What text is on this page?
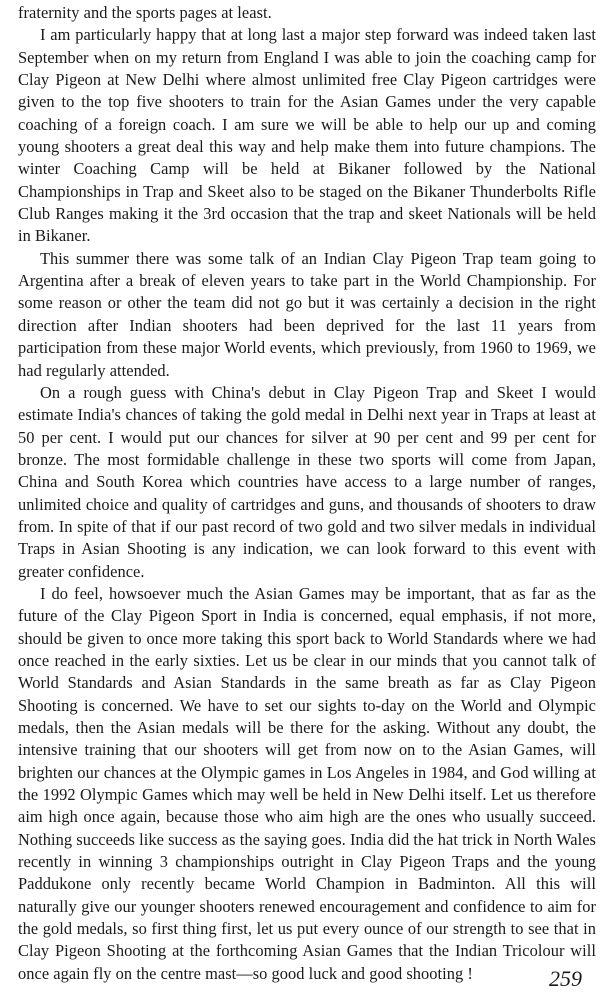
fraternity and the sports pages at least.

I am particularly happy that at long last a major step forward was indeed taken last September when on my return from England I was able to join the coaching camp for Clay Pigeon at New Delhi where almost unlimited free Clay Pigeon cartridges were given to the top five shooters to train for the Asian Games under the very capable coaching of a foreign coach. I am sure we will be able to help our up and coming young shooters a great deal this way and help make them into future champions. The winter Coaching Camp will be held at Bikaner followed by the National Championships in Trap and Skeet also to be staged on the Bikaner Thunderbolts Rifle Club Ranges making it the 3rd occasion that the trap and skeet Nationals will be held in Bikaner.

This summer there was some talk of an Indian Clay Pigeon Trap team going to Argentina after a break of eleven years to take part in the World Championship. For some reason or other the team did not go but it was certainly a decision in the right direction after Indian shooters had been deprived for the last 11 years from participation from these major World events, which previously, from 1960 to 1969, we had regularly attended.

On a rough guess with China's debut in Clay Pigeon Trap and Skeet I would estimate India's chances of taking the gold medal in Delhi next year in Traps at least at 50 per cent. I would put our chances for silver at 90 per cent and 99 per cent for bronze. The most formidable challenge in these two sports will come from Japan, China and South Korea which countries have access to a large number of ranges, unlimited choice and quality of cartridges and guns, and thousands of shooters to draw from. In spite of that if our past record of two gold and two silver medals in individual Traps in Asian Shooting is any indication, we can look forward to this event with greater confidence.

I do feel, howsoever much the Asian Games may be important, that as far as the future of the Clay Pigeon Sport in India is concerned, equal emphasis, if not more, should be given to once more taking this sport back to World Standards where we had once reached in the early sixties. Let us be clear in our minds that you cannot talk of World Standards and Asian Standards in the same breath as far as Clay Pigeon Shooting is concerned. We have to set our sights to-day on the World and Olympic medals, then the Asian medals will be there for the asking. Without any doubt, the intensive training that our shooters will get from now on to the Asian Games, will brighten our chances at the Olympic games in Los Angeles in 1984, and God willing at the 1992 Olympic Games which may well be held in New Delhi itself. Let us therefore aim high once again, because those who aim high are the ones who usually succeed. Nothing succeeds like success as the saying goes. India did the hat trick in North Wales recently in winning 3 championships outright in Clay Pigeon Traps and the young Paddukone only recently became World Champion in Badminton. All this will naturally give our younger shooters renewed encouragement and confidence to aim for the gold medals, so first thing first, let us put every ounce of our strength to see that in Clay Pigeon Shooting at the forthcoming Asian Games that the Indian Tricolour will once again fly on the centre mast—so good luck and good shooting !	259
